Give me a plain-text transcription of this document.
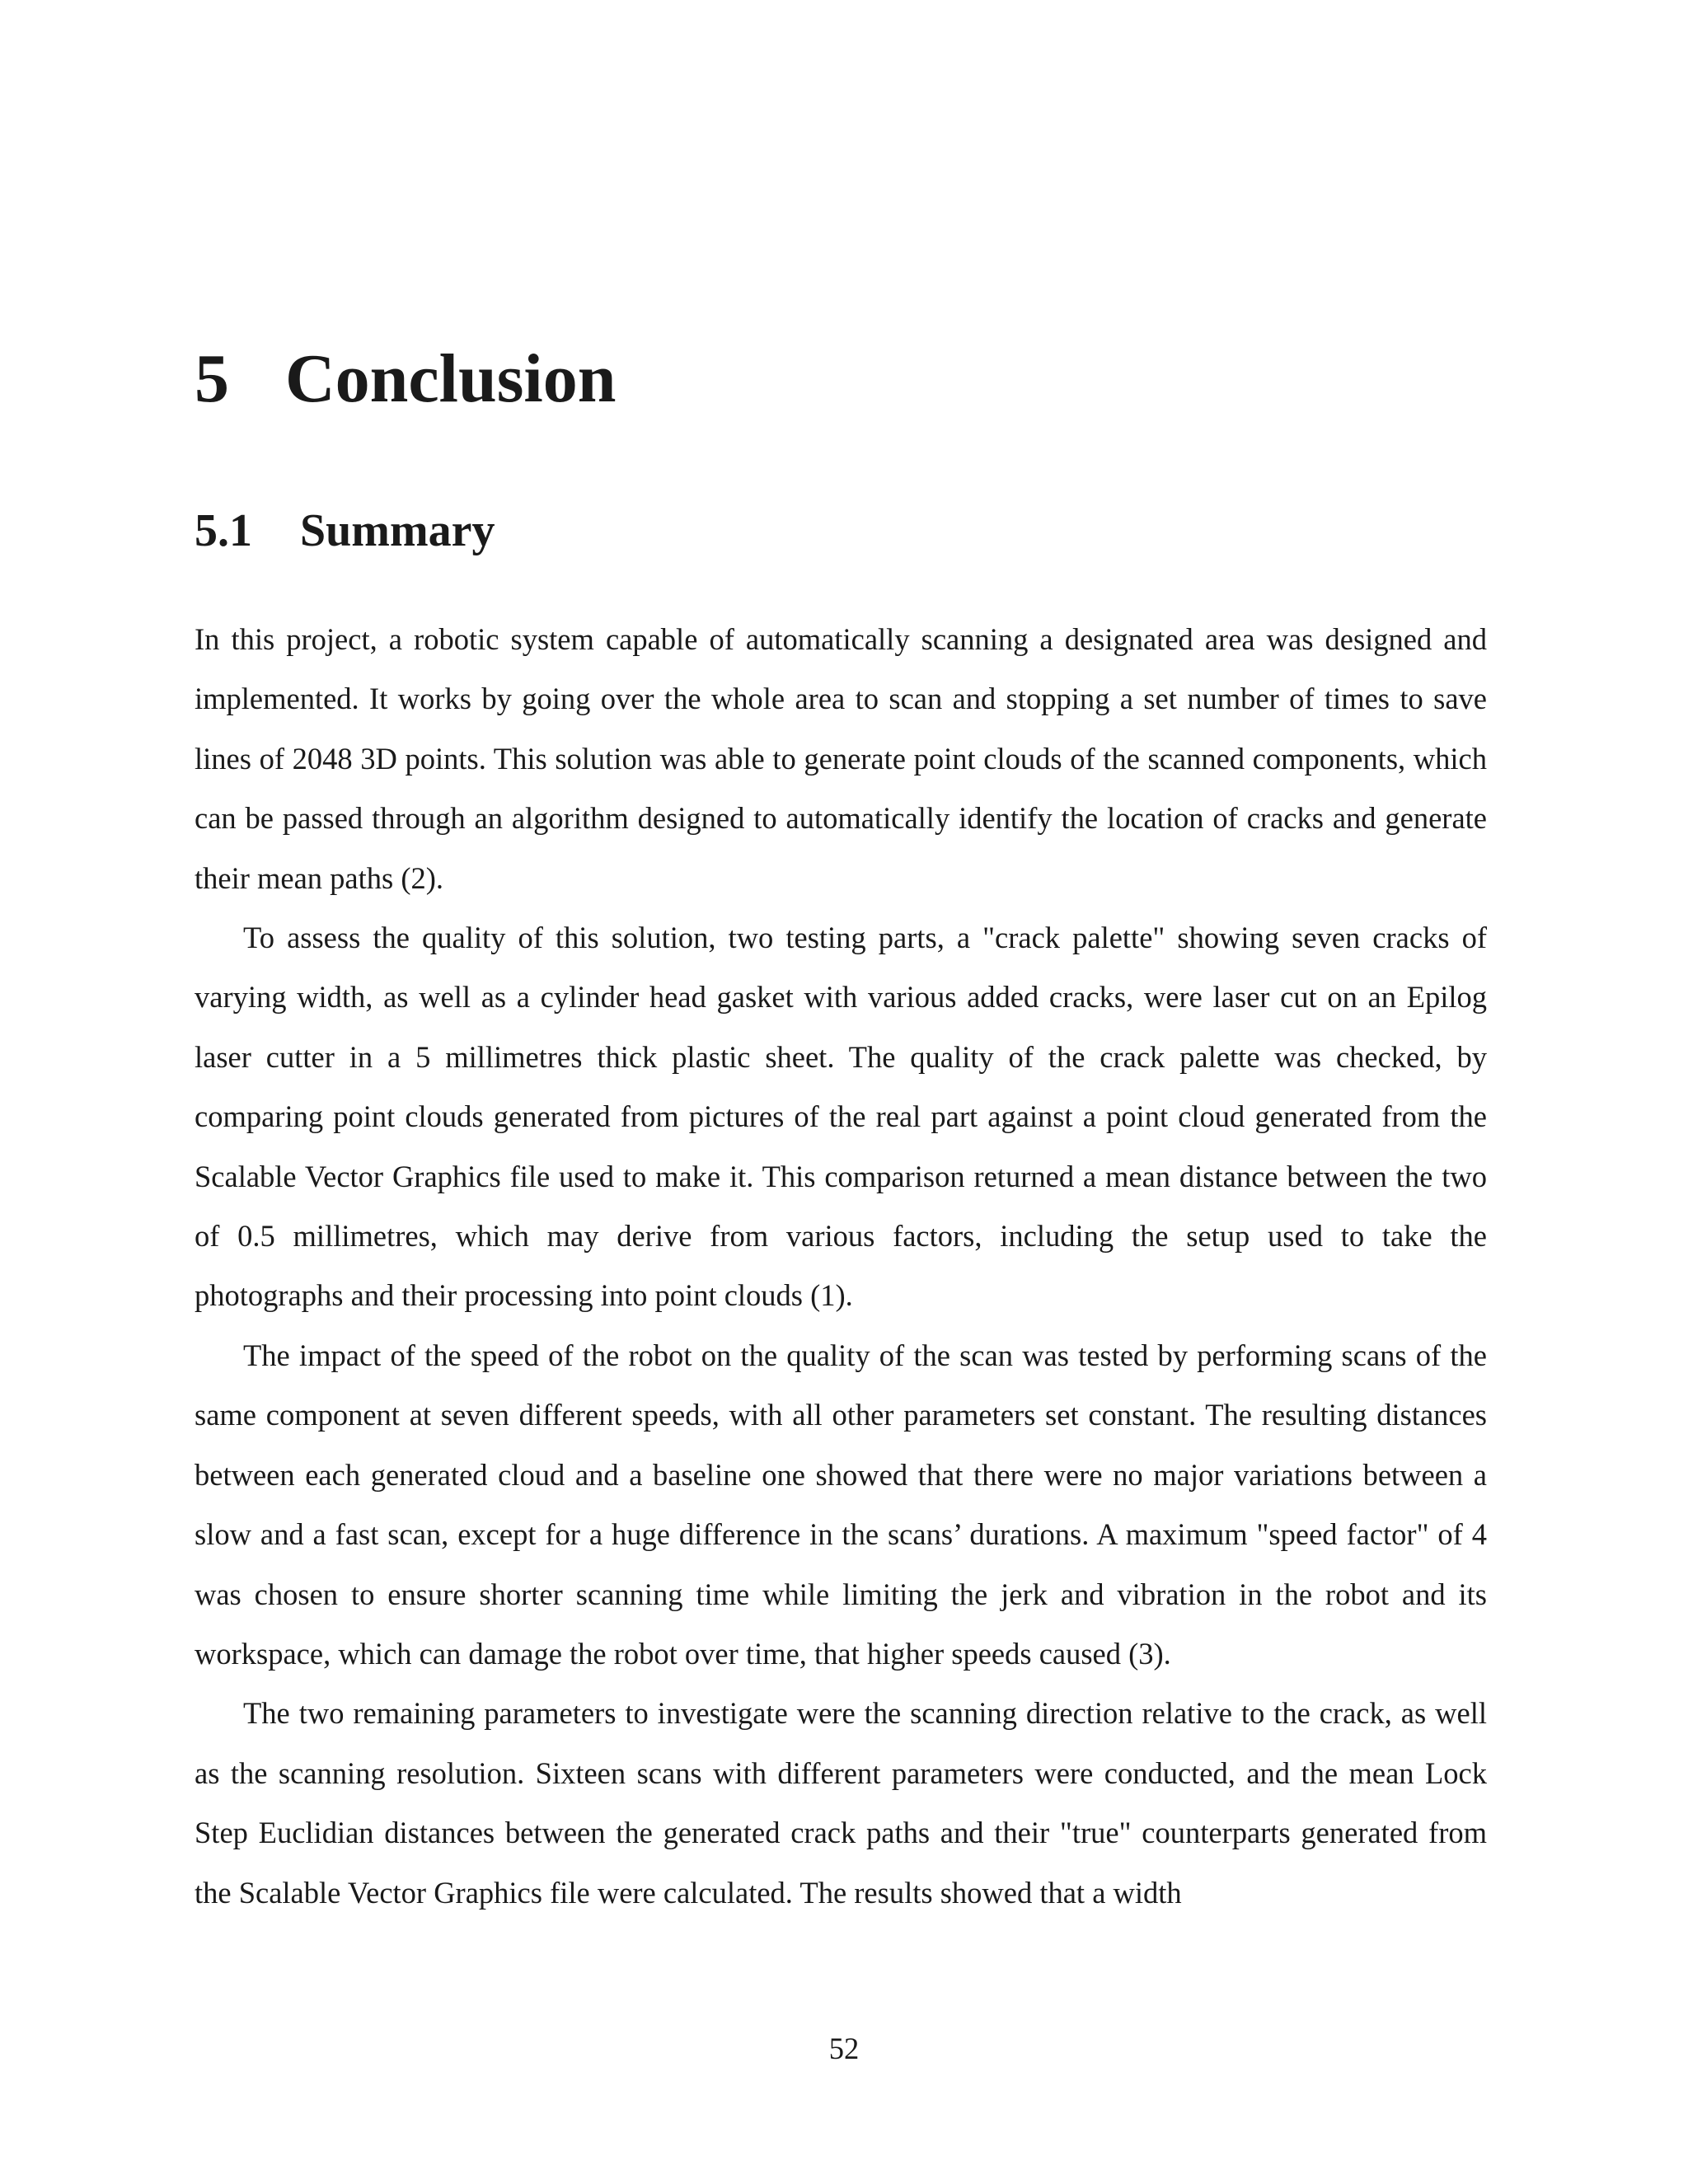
5 Conclusion
5.1 Summary

In this project, a robotic system capable of automatically scanning a designated area was designed and implemented. It works by going over the whole area to scan and stopping a set number of times to save lines of 2048 3D points. This solution was able to generate point clouds of the scanned components, which can be passed through an algorithm designed to automatically identify the location of cracks and generate their mean paths (2).

To assess the quality of this solution, two testing parts, a "crack palette" showing seven cracks of varying width, as well as a cylinder head gasket with various added cracks, were laser cut on an Epilog laser cutter in a 5 millimetres thick plastic sheet. The quality of the crack palette was checked, by comparing point clouds generated from pictures of the real part against a point cloud generated from the Scalable Vector Graphics file used to make it. This comparison returned a mean distance between the two of 0.5 millimetres, which may derive from various factors, including the setup used to take the photographs and their processing into point clouds (1).

The impact of the speed of the robot on the quality of the scan was tested by performing scans of the same component at seven different speeds, with all other parameters set constant. The resulting distances between each generated cloud and a baseline one showed that there were no major variations between a slow and a fast scan, except for a huge difference in the scans’ durations. A maximum "speed factor" of 4 was chosen to ensure shorter scanning time while limiting the jerk and vibration in the robot and its workspace, which can damage the robot over time, that higher speeds caused (3).

The two remaining parameters to investigate were the scanning direction relative to the crack, as well as the scanning resolution. Sixteen scans with different parameters were conducted, and the mean Lock Step Euclidian distances between the generated crack paths and their "true" counterparts generated from the Scalable Vector Graphics file were calculated. The results showed that a width

52
